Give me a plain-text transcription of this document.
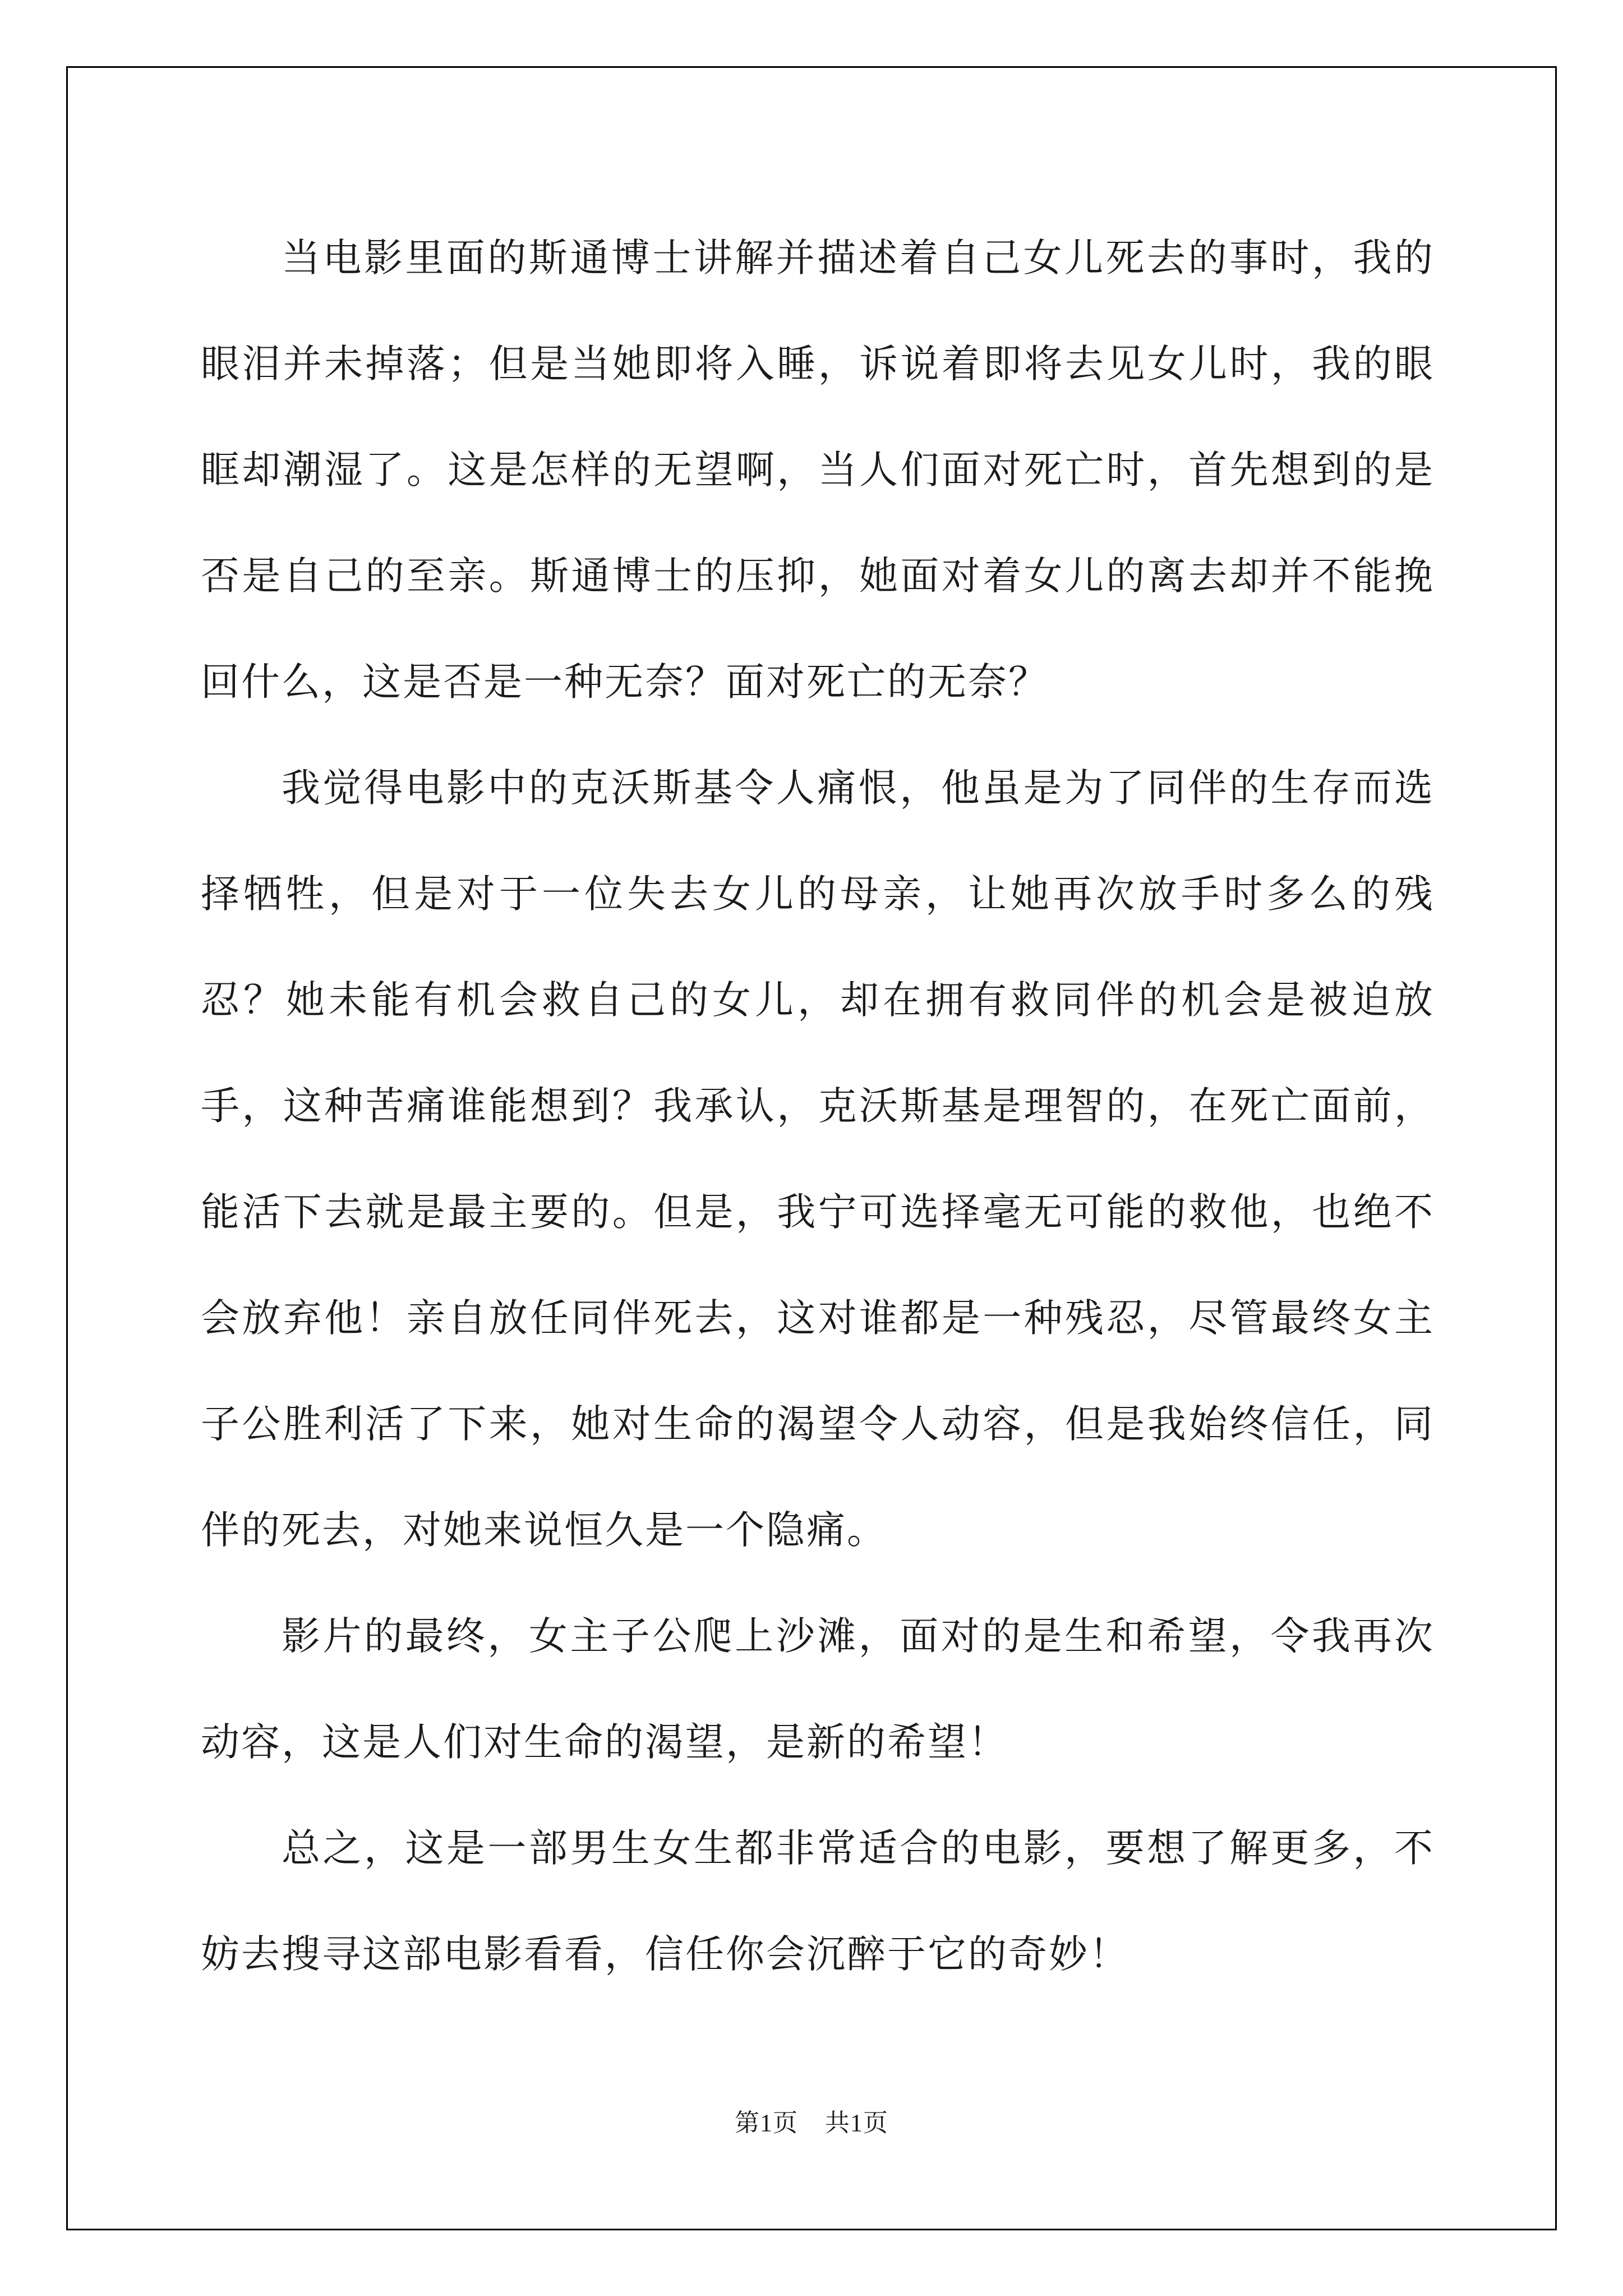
当电影里面的斯通博士讲解并描述着自己女儿死去的事时，我的眼泪并未掉落；但是当她即将入睡，诉说着即将去见女儿时，我的眼眶却潮湿了。这是怎样的无望啊，当人们面对死亡时，首先想到的是否是自己的至亲。斯通博士的压抑，她面对着女儿的离去却并不能挽回什么，这是否是一种无奈？面对死亡的无奈？

我觉得电影中的克沃斯基令人痛恨，他虽是为了同伴的生存而选择牺牲，但是对于一位失去女儿的母亲，让她再次放手时多么的残忍？她未能有机会救自己的女儿，却在拥有救同伴的机会是被迫放手，这种苦痛谁能想到？我承认，克沃斯基是理智的，在死亡面前，能活下去就是最主要的。但是，我宁可选择毫无可能的救他，也绝不会放弃他！亲自放任同伴死去，这对谁都是一种残忍，尽管最终女主子公胜利活了下来，她对生命的渴望令人动容，但是我始终信任，同伴的死去，对她来说恒久是一个隐痛。

影片的最终，女主子公爬上沙滩，面对的是生和希望，令我再次动容，这是人们对生命的渴望，是新的希望！

总之，这是一部男生女生都非常适合的电影，要想了解更多，不妨去搜寻这部电影看看，信任你会沉醉于它的奇妙！

第1页 共1页
